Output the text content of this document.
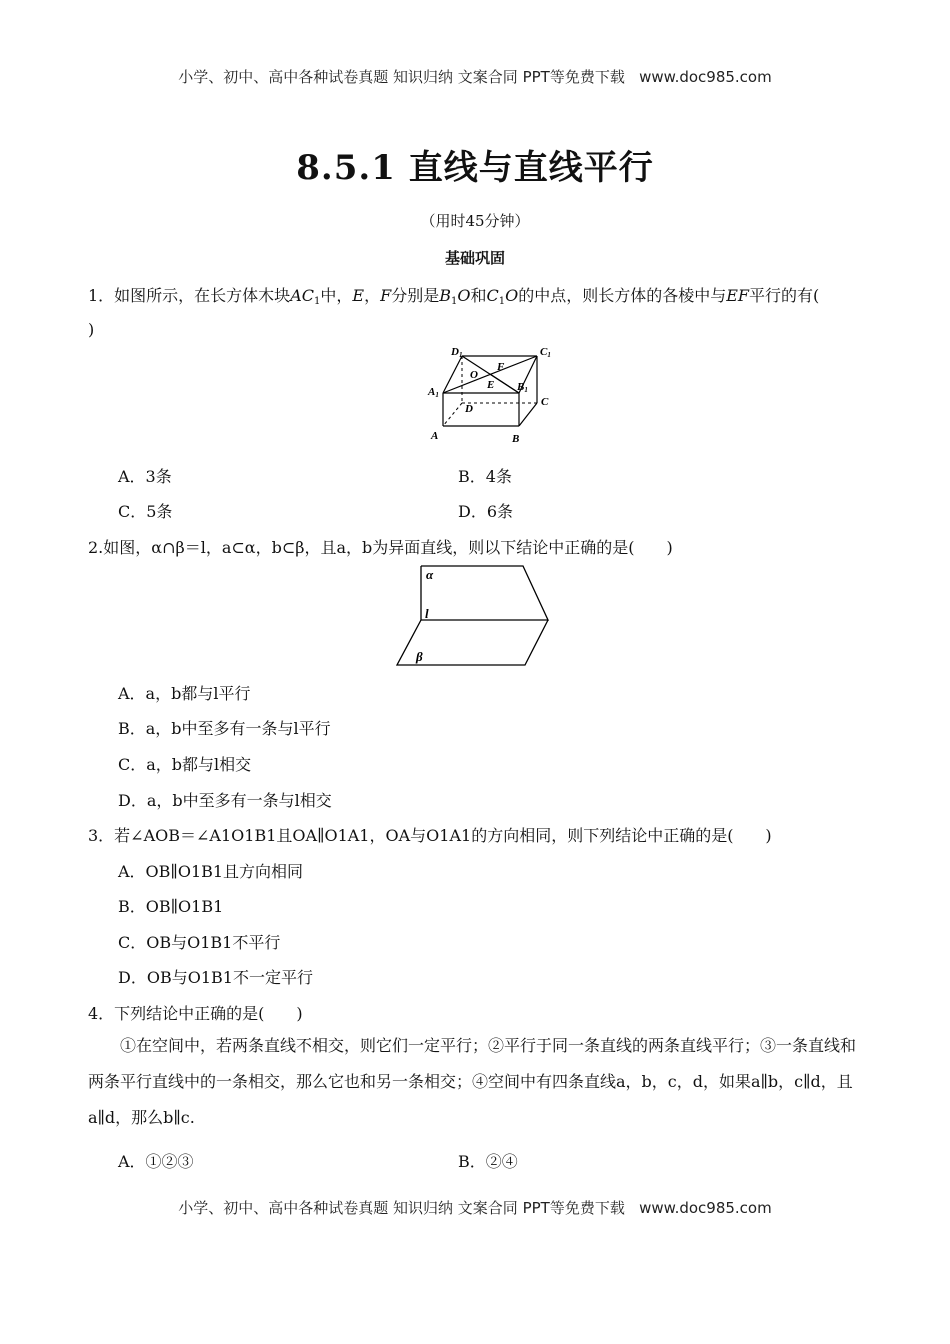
小学、初中、高中各种试卷真题 知识归纳 文案合同 PPT等免费下载 www.doc985.com
8.5.1 直线与直线平行
（用时45分钟）
基础巩固
1．如图所示，在长方体木块$AC_1$中，E，F分别是$B_1O$和$C_1O$的中点，则长方体的各棱中与EF平行的有(
)
D1	C1
O
F
E
A1
B1
D
C
A	B
A．3条	B．4条
C．5条	D．6条
2.如图，α∩β＝l，a⊂α，b⊂β，且a，b为异面直线，则以下结论中正确的是(　　)
α
l
β
A．a，b都与l平行
B．a，b中至多有一条与l平行
C．a，b都与l相交
D．a，b中至多有一条与l相交
3．若∠AOB＝∠A1O1B1且OA∥O1A1，OA与O1A1的方向相同，则下列结论中正确的是(　　)
A．OB∥O1B1且方向相同
B．OB∥O1B1
C．OB与O1B1不平行
D．OB与O1B1不一定平行
4．下列结论中正确的是(　　)
①在空间中，若两条直线不相交，则它们一定平行；②平行于同一条直线的两条直线平行；③一条直线和两条平行直线中的一条相交，那么它也和另一条相交；④空间中有四条直线a，b，c，d，如果a∥b，c∥d，且a∥d，那么b∥c.
A．①②③	B．②④
小学、初中、高中各种试卷真题 知识归纳 文案合同 PPT等免费下载 www.doc985.com
